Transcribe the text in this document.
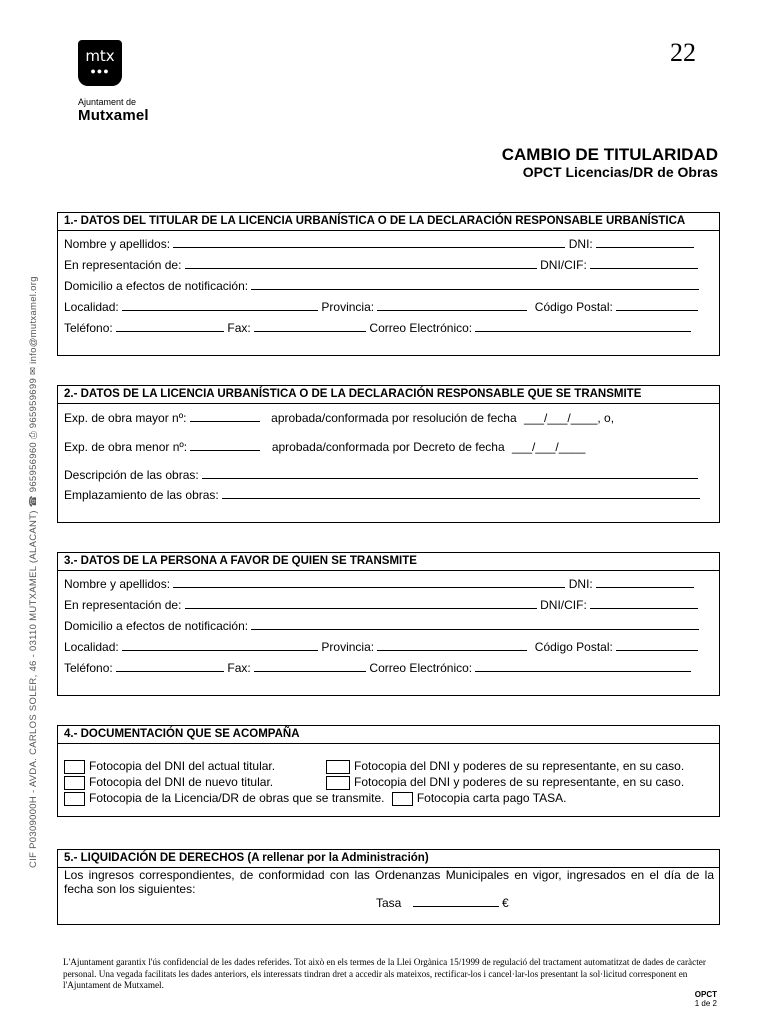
mtx
●●●
Ajuntament de
Mutxamel
22
CAMBIO DE TITULARIDAD
OPCT Licencias/DR de Obras
CIF P0309000H - AVDA. CARLOS SOLER, 46 - 03110 MUTXAMEL (ALACANT) ☎ 965956960 ⎙ 965959699 ✉ info@mutxamel.org
1.- DATOS DEL TITULAR DE LA LICENCIA URBANÍSTICA O DE LA DECLARACIÓN RESPONSABLE URBANÍSTICA
Nombre y apellidos:	DNI:
En representación de:	DNI/CIF:
Domicilio a efectos de notificación:
Localidad:	Provincia:	Código Postal:
Teléfono:	Fax:	Correo Electrónico:
2.- DATOS DE LA LICENCIA URBANÍSTICA O DE LA DECLARACIÓN RESPONSABLE QUE SE TRANSMITE
Exp. de obra mayor nº:	aprobada/conformada por resolución de fecha ___/___/____, o,
Exp. de obra menor nº:	aprobada/conformada por Decreto de fecha ___/___/____
Descripción de las obras:
Emplazamiento de las obras:
3.- DATOS DE LA PERSONA A FAVOR DE QUIEN SE TRANSMITE
Nombre y apellidos:	DNI:
En representación de:	DNI/CIF:
Domicilio a efectos de notificación:
Localidad:	Provincia:	Código Postal:
Teléfono:	Fax:	Correo Electrónico:
4.- DOCUMENTACIÓN QUE SE ACOMPAÑA
Fotocopia del DNI del actual titular.	Fotocopia del DNI y poderes de su representante, en su caso.
Fotocopia del DNI de nuevo titular.	Fotocopia del DNI y poderes de su representante, en su caso.
Fotocopia de la Licencia/DR de obras que se transmite.	Fotocopia carta pago TASA.
5.- LIQUIDACIÓN DE DERECHOS (A rellenar por la Administración)
Los ingresos correspondientes, de conformidad con las Ordenanzas Municipales en vigor, ingresados en el día de la fecha son los siguientes:
Tasa	€
L'Ajuntament garantix l'ús confidencial de les dades referides. Tot això en els termes de la Llei Orgànica 15/1999 de regulació del tractament automatitzat de dades de caràcter personal. Una vegada facilitats les dades anteriors, els interessats tindran dret a accedir als mateixos, rectificar-los i cancel·lar-los presentant la sol·licitud corresponent en l'Ajuntament de Mutxamel.
OPCT
1 de 2
